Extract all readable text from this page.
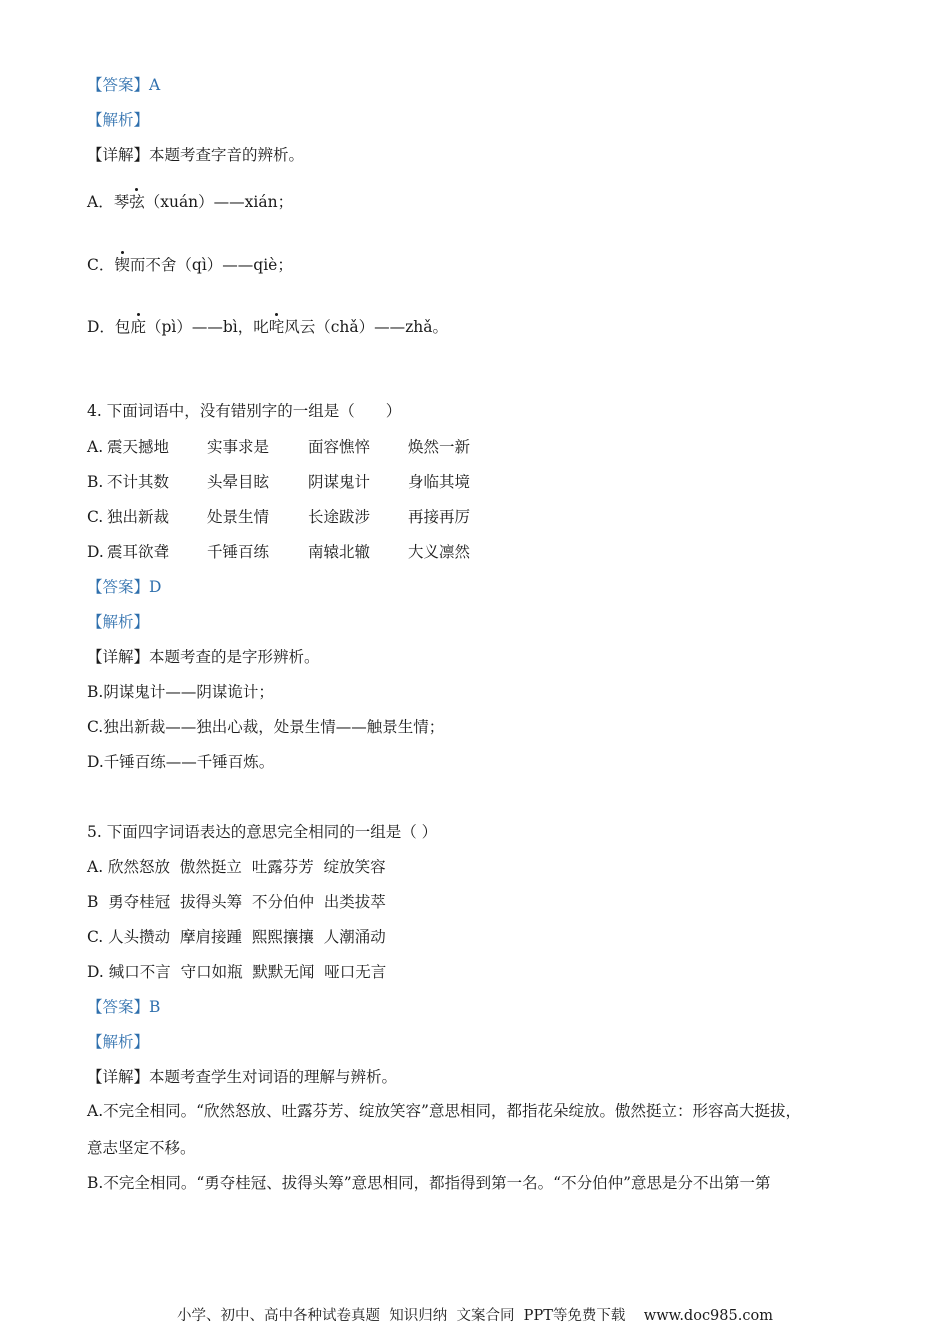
【答案】A
【解析】
【详解】本题考查字音的辨析。
A．琴弦（xuán）——xián；
C．锲而不舍（qì）——qiè；
D．包庇（pì）——bì，叱咤风云（chǎ）——zhǎ。
4. 下面词语中，没有错别字的一组是（　　）

A.

震天撼地

实事求是

	面容憔悴

焕然一新

B.

不计其数

头晕目眩

	阴谋鬼计

身临其境

C.

独出新裁

处景生情

	长途跋涉

再接再厉

D.

震耳欲聋

千锤百练

	南辕北辙

大义凛然

【答案】D
【解析】
【详解】本题考查的是字形辨析。
B.阴谋鬼计——阴谋诡计；
C.独出新裁——独出心裁，处景生情——触景生情；
D.千锤百练——千锤百炼。
5. 下面四字词语表达的意思完全相同的一组是（ ）
A. 欣然怒放  傲然挺立  吐露芬芳  绽放笑容
B  勇夺桂冠  拔得头筹  不分伯仲  出类拔萃
C. 人头攒动  摩肩接踵  熙熙攘攘  人潮涌动
D. 缄口不言  守口如瓶  默默无闻  哑口无言
【答案】B
【解析】
【详解】本题考查学生对词语的理解与辨析。
A.不完全相同。“欣然怒放、吐露芬芳、绽放笑容”意思相同，都指花朵绽放。傲然挺立：形容高大挺拔，
意志坚定不移。
B.不完全相同。“勇夺桂冠、拔得头筹”意思相同，都指得到第一名。“不分伯仲”意思是分不出第一第
小学、初中、高中各种试卷真题  知识归纳  文案合同  PPT等免费下载    www.doc985.com
